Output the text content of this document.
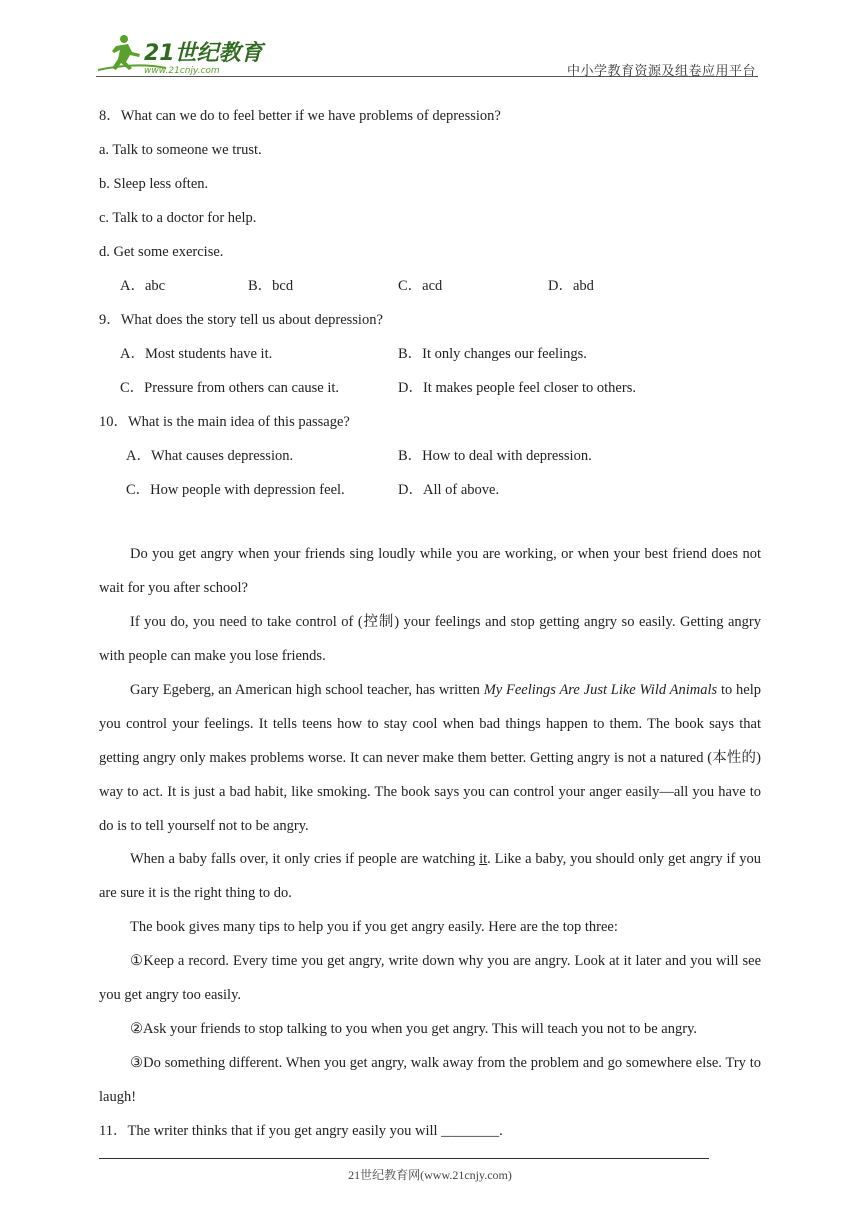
21世纪教育
www.21cnjy.com	中小学教育资源及组卷应用平台
8．What can we do to feel better if we have problems of depression?
a. Talk to someone we trust.
b. Sleep less often.
c. Talk to a doctor for help.
d. Get some exercise.
A．abc	B．bcd	C．acd	D．abd
9．What does the story tell us about depression?
A．Most students have it.	B．It only changes our feelings.
C．Pressure from others can cause it.	D．It makes people feel closer to others.
10．What is the main idea of this passage?
A．What causes depression.	B．How to deal with depression.
C．How people with depression feel.	D．All of above.
Do you get angry when your friends sing loudly while you are working, or when your best friend does not wait for you after school?
If you do, you need to take control of (控制) your feelings and stop getting angry so easily. Getting angry with people can make you lose friends.
Gary Egeberg, an American high school teacher, has written My Feelings Are Just Like Wild Animals to help you control your feelings. It tells teens how to stay cool when bad things happen to them. The book says that getting angry only makes problems worse. It can never make them better. Getting angry is not a natured (本性的) way to act. It is just a bad habit, like smoking. The book says you can control your anger easily—all you have to do is to tell yourself not to be angry.
When a baby falls over, it only cries if people are watching it. Like a baby, you should only get angry if you are sure it is the right thing to do.
The book gives many tips to help you if you get angry easily. Here are the top three:
①Keep a record. Every time you get angry, write down why you are angry. Look at it later and you will see you get angry too easily.
②Ask your friends to stop talking to you when you get angry. This will teach you not to be angry.
③Do something different. When you get angry, walk away from the problem and go somewhere else. Try to laugh!
11．The writer thinks that if you get angry easily you will ________.
21世纪教育网(www.21cnjy.com)
